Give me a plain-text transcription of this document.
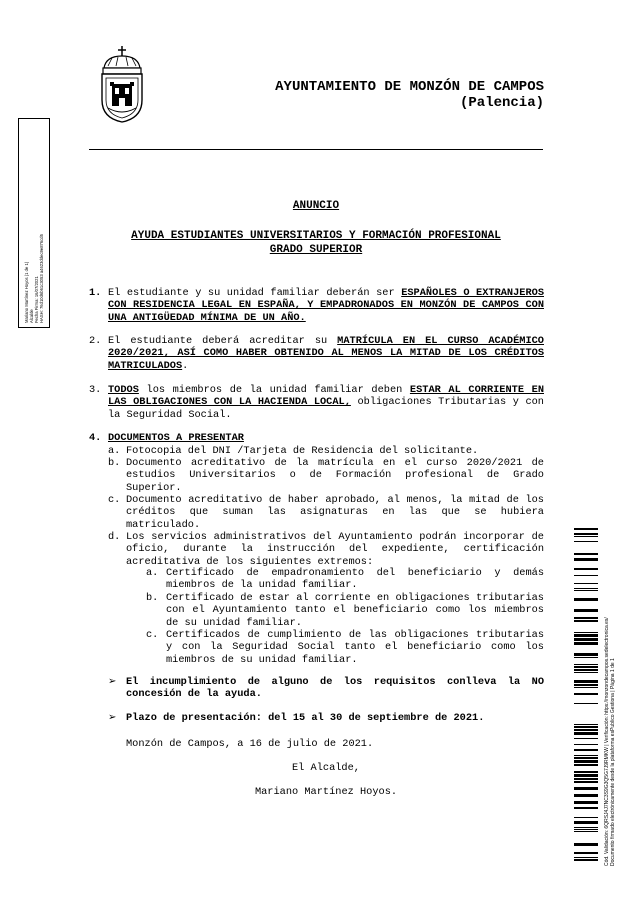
AYUNTAMIENTO DE MONZÓN DE CAMPOS
(Palencia)
Mariano Martínez Hoyos (1 de 1) Alcalde Fecha Firma: 16/07/2021 HASH: 76d10d6b61c3053 a4623ddec9e876cd5
ANUNCIO
AYUDA ESTUDIANTES UNIVERSITARIOS Y FORMACIÓN PROFESIONAL
GRADO SUPERIOR
1. El estudiante y su unidad familiar deberán ser ESPAÑOLES O EXTRANJEROS CON RESIDENCIA LEGAL EN ESPAÑA, Y EMPADRONADOS EN MONZÓN DE CAMPOS CON UNA ANTIGÜEDAD MÍNIMA DE UN AÑO.
2. El estudiante deberá acreditar su MATRÍCULA EN EL CURSO ACADÉMICO 2020/2021, ASÍ COMO HABER OBTENIDO AL MENOS LA MITAD DE LOS CRÉDITOS MATRICULADOS.
3. TODOS los miembros de la unidad familiar deben ESTAR AL CORRIENTE EN LAS OBLIGACIONES CON LA HACIENDA LOCAL, obligaciones Tributarias y con la Seguridad Social.
4. DOCUMENTOS A PRESENTAR
a. Fotocopia del DNI /Tarjeta de Residencia del solicitante.
b. Documento acreditativo de la matrícula en el curso 2020/2021 de estudios Universitarios o de Formación profesional de Grado Superior.
c. Documento acreditativo de haber aprobado, al menos, la mitad de los créditos que suman las asignaturas en las que se hubiera matriculado.
d. Los servicios administrativos del Ayuntamiento podrán incorporar de oficio, durante la instrucción del expediente, certificación acreditativa de los siguientes extremos:
a. Certificado de empadronamiento del beneficiario y demás miembros de la unidad familiar.
b. Certificado de estar al corriente en obligaciones tributarias con el Ayuntamiento tanto el beneficiario como los miembros de su unidad familiar.
c. Certificados de cumplimiento de las obligaciones tributarias y con la Seguridad Social tanto el beneficiario como los miembros de su unidad familiar.
➢ El incumplimiento de alguno de los requisitos conlleva la NO concesión de la ayuda.
➢ Plazo de presentación: del 15 al 30 de septiembre de 2021.
Monzón de Campos, a 16 de julio de 2021.
El Alcalde,
Mariano Martínez Hoyos.	Cód. Validación: 6QRSJ4J7NC3S9G3Q5G7J9RMKW | Verificación: https://monzondecampos.sedelectronica.es/ Documento firmado electrónicamente desde la plataforma esPublico Gestiona | Página 1 de 1
